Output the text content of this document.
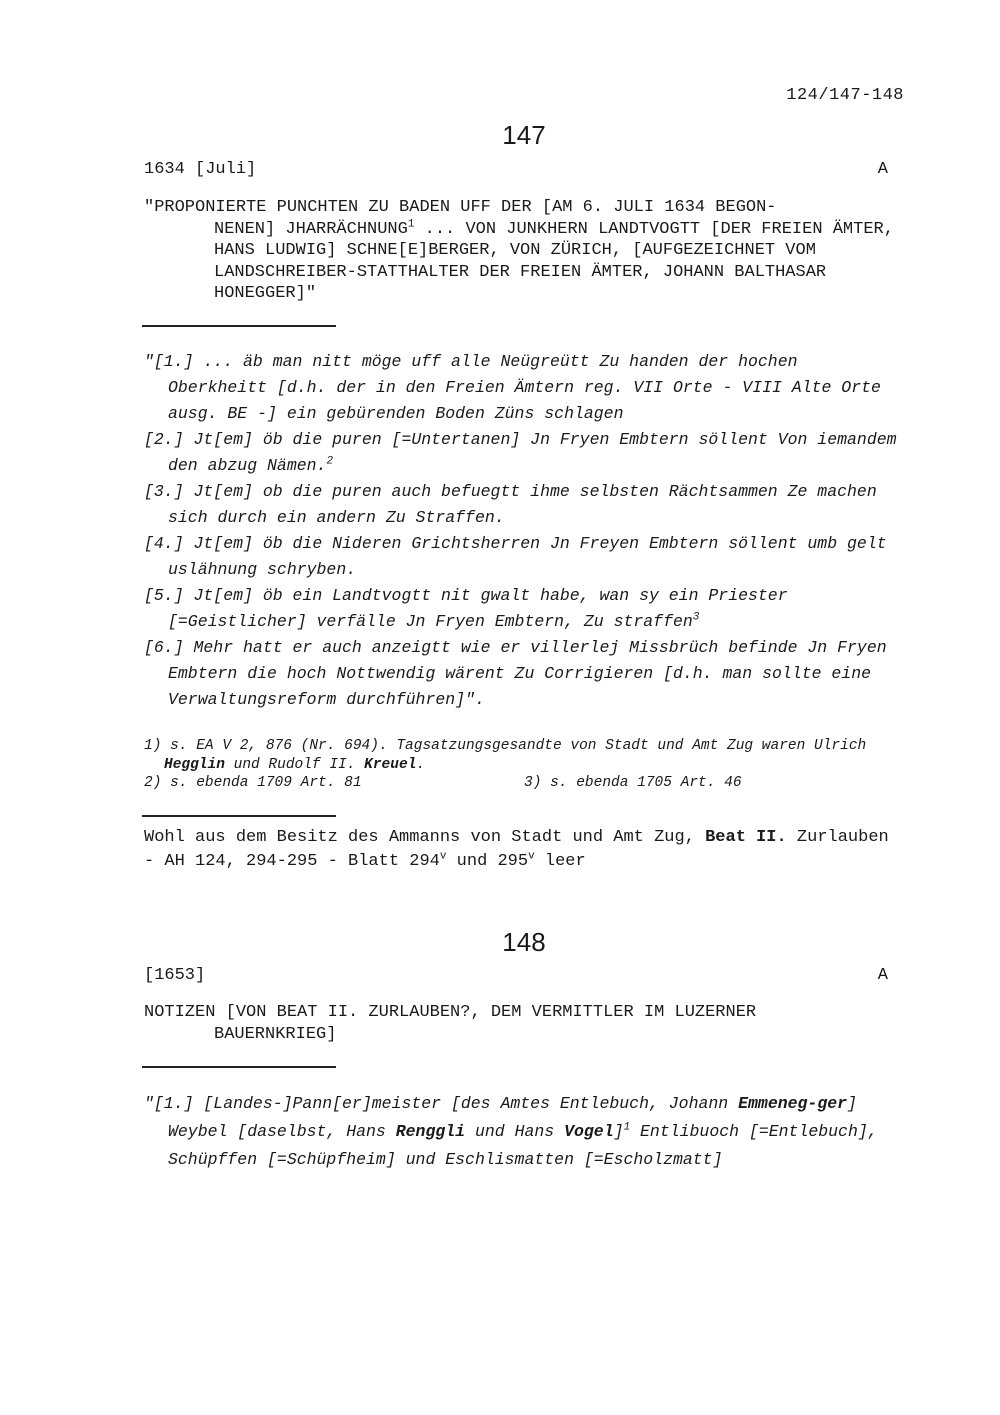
124/147-148
147
1634 [Juli]	A
"PROPONIERTE PUNCHTEN ZU BADEN UFF DER [AM 6. JULI 1634 BEGON-
NENEN] JHARRÄCHNUNG$^1$ ... VON JUNKHERN LANDTVOGTT [DER FREIEN ÄMTER, HANS LUDWIG] SCHNE[E]BERGER, VON ZÜRICH, [AUFGEZEICHNET VOM LANDSCHREIBER-STATTHALTER DER FREIEN ÄMTER, JOHANN BALTHASAR HONEGGER]"

"[1.] ... äb man nitt möge uff alle Neügreütt Zu handen der hochen Oberkheitt [d.h. der in den Freien Ämtern reg. VII Orte - VIII Alte Orte ausg. BE -] ein gebürenden Boden Züns schlagen

[2.] Jt[em] öb die puren [=Untertanen] Jn Fryen Embtern söllent Von iemandem den abzug Nämen.$^2$

[3.] Jt[em] ob die puren auch befuegtt ihme selbsten Rächtsammen Ze machen sich durch ein andern Zu Straffen.

[4.] Jt[em] öb die Nideren Grichtsherren Jn Freyen Embtern söllent umb gelt uslähnung schryben.

[5.] Jt[em] öb ein Landtvogtt nit gwalt habe, wan sy ein Priester [=Geistlicher] verfälle Jn Fryen Embtern, Zu straffen$^3$

[6.] Mehr hatt er auch anzeigtt wie er villerlej Missbrüch befinde Jn Fryen Embtern die hoch Nottwendig wärent Zu Corrigieren [d.h. man sollte eine Verwaltungsreform durchführen]".

1) s. EA V 2, 876 (Nr. 694). Tagsatzungsgesandte von Stadt und Amt Zug waren Ulrich Hegglin und Rudolf II. Kreuel.
2) s. ebenda 1709 Art. 81	3) s. ebenda 1705 Art. 46
Wohl aus dem Besitz des Ammanns von Stadt und Amt Zug, Beat II. Zurlauben - AH 124, 294-295 - Blatt 294$^v$ und 295$^v$ leer
148
[1653]	A
NOTIZEN [VON BEAT II. ZURLAUBEN?, DEM VERMITTLER IM LUZERNER
BAUERNKRIEG]

"[1.] [Landes-]Pann[er]meister [des Amtes Entlebuch, Johann Emmeneg-ger]

Weybel [daselbst, Hans Renggli und Hans Vogel]$^1$ Entlibuoch [=Entlebuch], Schüpffen [=Schüpfheim] und Eschlismatten [=Escholzmatt]
